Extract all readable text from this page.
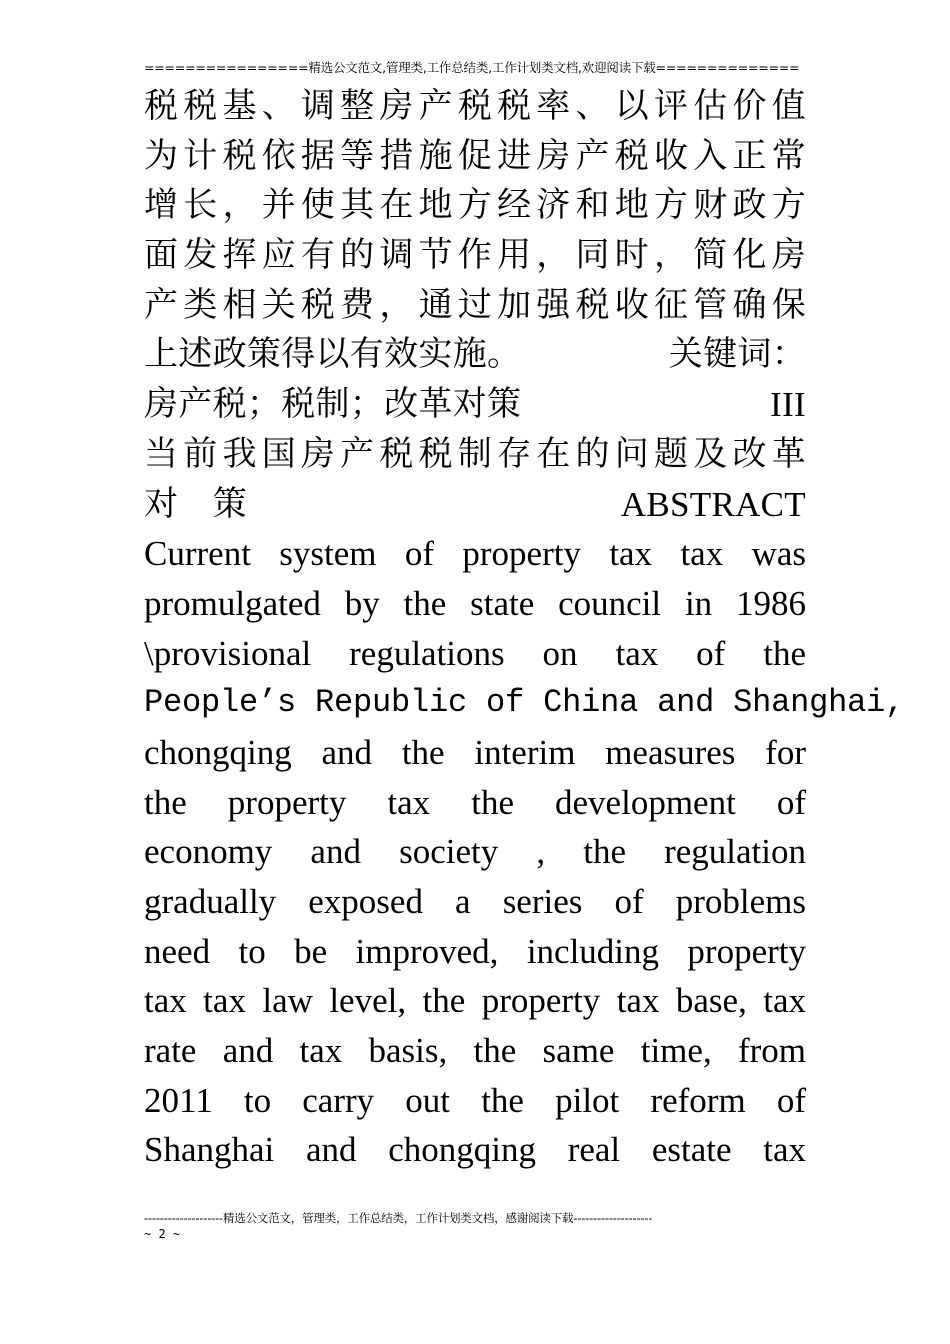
================精选公文范文,管理类,工作总结类,工作计划类文档,欢迎阅读下载==============
税税基、调整房产税税率、以评估价值
为计税依据等措施促进房产税收入正常
增长，并使其在地方经济和地方财政方
面发挥应有的调节作用，同时，简化房
产类相关税费，通过加强税收征管确保
上述政策得以有效实施。	关键词：
房产税；税制；改革对策	III
当前我国房产税税制存在的问题及改革
对　策	ABSTRACT
Current system of property tax tax was
promulgated by the state council in 1986
\provisional regulations on tax of the
People’s Republic of China and Shanghai,
chongqing and the interim measures for
the property tax the development of
economy and society , the regulation
gradually exposed a series of problems
need to be improved, including property
tax tax law level, the property tax base, tax
rate and tax basis, the same time, from
2011 to carry out the pilot reform of
Shanghai and chongqing real estate tax
--------------------精选公文范文，管理类，工作总结类，工作计划类文档，感谢阅读下载--------------------
~ 2 ~
